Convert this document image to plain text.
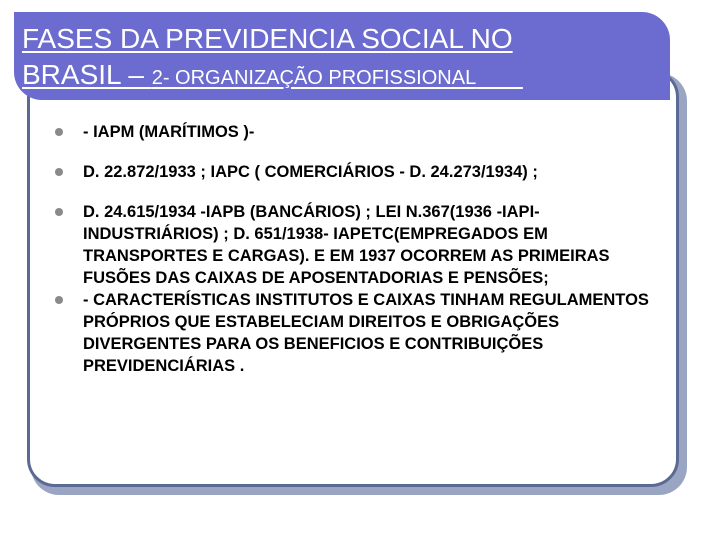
FASES DA PREVIDENCIA SOCIAL NO
BRASIL – 2- ORGANIZAÇÃO PROFISSIONAL
- IAPM (MARÍTIMOS )-
D. 22.872/1933 ; IAPC ( COMERCIÁRIOS - D. 24.273/1934) ;
D. 24.615/1934 -IAPB (BANCÁRIOS) ; LEI N.367(1936 -IAPI- INDUSTRIÁRIOS) ; D. 651/1938- IAPETC(EMPREGADOS EM TRANSPORTES E CARGAS). E EM 1937 OCORREM AS PRIMEIRAS FUSÕES DAS CAIXAS DE APOSENTADORIAS E PENSÕES;
- CARACTERÍSTICAS INSTITUTOS E CAIXAS TINHAM REGULAMENTOS PRÓPRIOS QUE ESTABELECIAM DIREITOS E OBRIGAÇÕES DIVERGENTES PARA OS BENEFICIOS E CONTRIBUIÇÕES PREVIDENCIÁRIAS .
